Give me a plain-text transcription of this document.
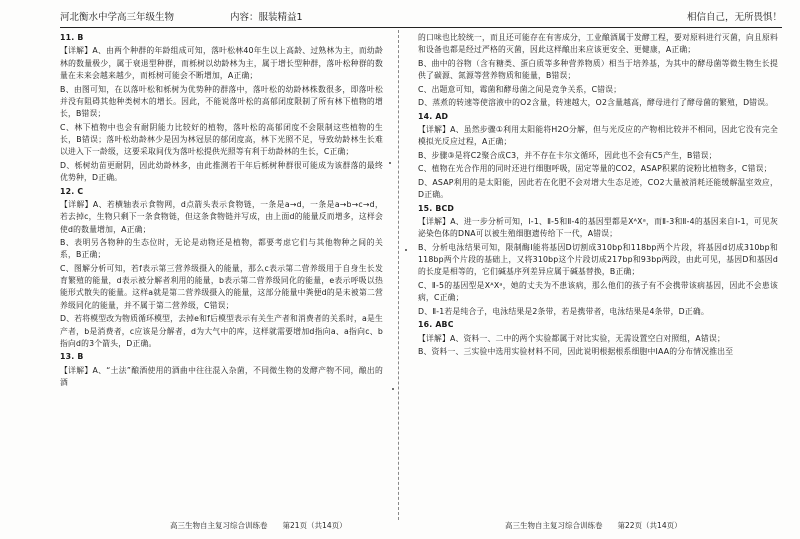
河北衡水中学高三年级生物	内容：服装精益1	相信自己，无所畏惧！

11. B

【详解】A、由两个种群的年龄组成可知，落叶松林40年生以上高龄、过熟林为主，而幼龄林的数量极少，属于衰退型种群，而栎树以幼龄林为主，属于增长型种群，落叶松种群的数量在未来会越来越少，而栎树可能会不断增加，A正确；

B、由图可知，在以落叶松和栎树为优势种的群落中，落叶松的幼龄林株数很多，即落叶松并没有阻碍其他种类树木的增长。因此，不能说落叶松的高郁闭度限制了所有林下植物的增长，B错误；

C、林下植物中也会有耐阴能力比较好的植物，落叶松的高郁闭度不会限制这些植物的生长，B错误；落叶松幼龄林少是因为林冠层的郁闭度高，林下光照不足，导致幼龄林生长难以进入下一龄级，这要采取间伐为落叶松提供光照等有利于幼龄林的生长，C正确；

D、栎树幼苗更耐阴，因此幼龄林多，由此推测若干年后栎树种群很可能成为该群落的最终优势种，D正确。

12. C

【详解】A、若横轴表示食物网，d点箭头表示食物链，一条是a→d，一条是a→b→c→d，若去掉c，生物只剩下一条食物链，但这条食物链并写成，由上面d的能量反而增多，这样会使d的数量增加，A正确；

B、表明另各物种的生态位时，无论是动物还是植物，都要考虑它们与其他物种之间的关系，B正确；

C、图解分析可知，若f表示第三营养级摄入的能量，那么c表示第二营养级用于自身生长发育繁殖的能量，d表示被分解者利用的能量，b表示第二营养级同化的能量，e表示呼吸以热能形式散失的能量。这样a就是第二营养级摄入的能量，这部分能量中粪便d的是未被第二营养级同化的能量，并不属于第二营养级，C错误；

D、若将模型改为物质循环模型，去掉e和f后模型表示有关生产者和消费者的关系时，a是生产者，b是消费者，c应该是分解者，d为大气中的库，这样就需要增加d指向a、a指向c、b指向d的3个箭头，D正确。

13. B

【详解】A、“土法”酿酒使用的酒曲中往往混入杂菌，不同微生物的发酵产物不同，酿出的酒

的口味也比较统一，而且还可能存在有害成分，工业酿酒属于发酵工程，要对原料进行灭菌，向且原料和设备也都是经过严格的灭菌，因此这样酿出来应该更安全、更健康，A正确；

B、曲中的谷物（含有糖类、蛋白质等多种营养物质）相当于培养基，为其中的酵母菌等微生物生长提供了碳源、氮源等营养物质和能量，B错误；

C、出题意可知，霉菌和酵母菌之间是竞争关系，C错误；

D、蒸煮的转速等使溶液中的O2含量，转速越大，O2含量越高，酵母进行了酵母菌的繁殖，D错误。

14. AD

【详解】A、虽然步骤①利用太阳能将H2O分解，但与光反应的产物相比较并不相同，因此它没有完全模拟光反应过程，A正确；

B、步骤③是将C2聚合成C3，并不存在卡尔文循环，因此也不会有C5产生，B错误；

C、植物在光合作用的同时还进行细胞呼吸，固定等量的CO2，ASAP积累的淀粉比植物多，C错误；

D、ASAP利用的是太阳能，因此若在化肥不会对增大生态足迹，CO2大量被消耗还能缓解温室效应，D正确。

15. BCD

【详解】A、进一步分析可知，Ⅰ-1、Ⅱ-5和Ⅱ-4的基因型都是XᴬXᵃ，而Ⅱ-3和Ⅱ-4的基因来自Ⅰ-1，可见灰泌染色体的DNA可以被生殖细胞遗传给下一代，A错误；

B、分析电泳结果可知，限制酶Ⅰ能将基因D切割成310bp和118bp两个片段，将基因d切成310bp和118bp两个片段的基础上，又将310bp这个片段切成217bp和93bp两段，由此可见，基因D和基因d的长度是相等的，它们碱基序列差异应属于碱基替换，B正确；

C、Ⅱ-5的基因型是XᴬXᵃ，她的丈夫为不患该病，那么他们的孩子有不会携带该病基因，因此不会患该病，C正确；

D、Ⅱ-1若是纯合子，电泳结果是2条带，若是携带者，电泳结果是4条带，D正确。

16. ABC

【详解】A、资料一、二中的两个实验都属于对比实验，无需设置空白对照组，A错误；

B、资料一、三实验中选用实验材料不同，因此说明根据根系细胞中IAA的分布情况推出至

高三生物自主复习综合训练卷　　第21页（共14页）	高三生物自主复习综合训练卷　　第22页（共14页）
